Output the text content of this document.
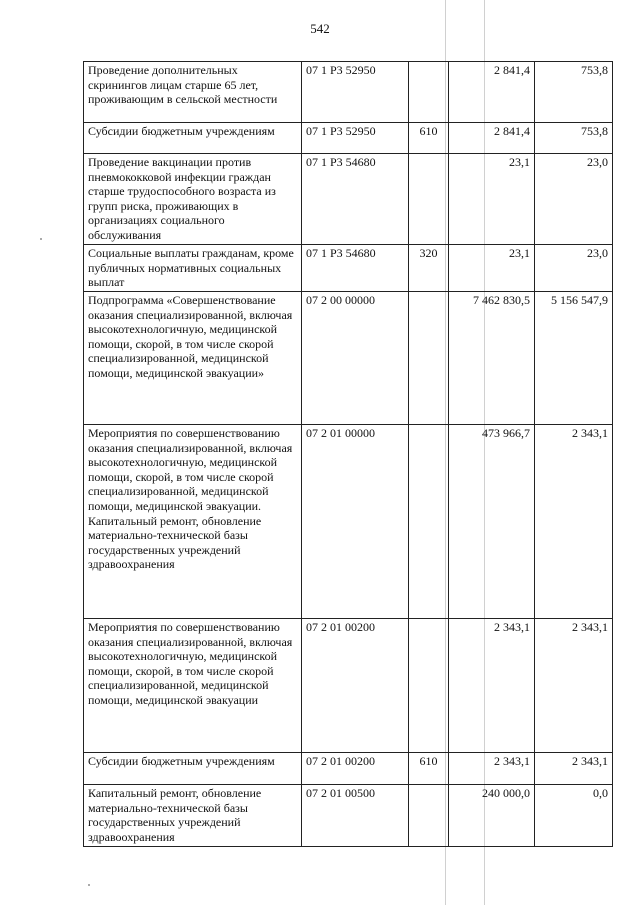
542
Проведение дополнительных скринингов лицам старше 65 лет, проживающим в сельской местности	07 1 Р3 52950		2 841,4	753,8
Субсидии бюджетным учреждениям	07 1 Р3 52950	610	2 841,4	753,8
Проведение вакцинации против пневмококковой инфекции граждан старше трудоспособного возраста из групп риска, проживающих в организациях социального обслуживания	07 1 Р3 54680		23,1	23,0
Социальные выплаты гражданам, кроме публичных нормативных социальных выплат	07 1 Р3 54680	320	23,1	23,0
Подпрограмма «Совершенствование оказания специализированной, включая высокотехнологичную, медицинской помощи, скорой, в том числе скорой специализированной, медицинской помощи, медицинской эвакуации»	07 2 00 00000		7 462 830,5	5 156 547,9
Мероприятия по совершенствованию оказания специализированной, включая высокотехнологичную, медицинской помощи, скорой, в том числе скорой специализированной, медицинской помощи, медицинской эвакуации. Капитальный ремонт, обновление материально-технической базы государственных учреждений здравоохранения	07 2 01 00000		473 966,7	2 343,1
Мероприятия по совершенствованию оказания специализированной, включая высокотехнологичную, медицинской помощи, скорой, в том числе скорой специализированной, медицинской помощи, медицинской эвакуации	07 2 01 00200		2 343,1	2 343,1
Субсидии бюджетным учреждениям	07 2 01 00200	610	2 343,1	2 343,1
Капитальный ремонт, обновление материально-технической базы государственных учреждений здравоохранения	07 2 01 00500		240 000,0	0,0
